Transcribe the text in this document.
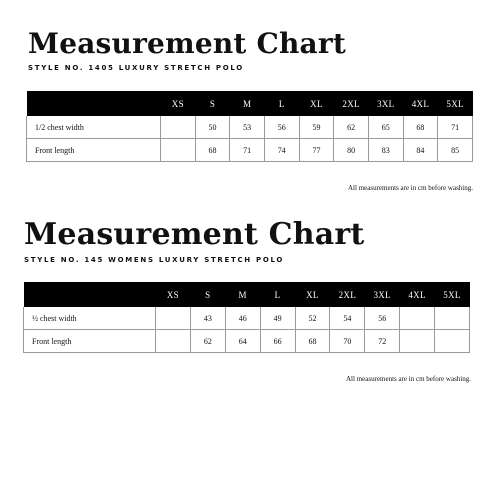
Measurement Chart
STYLE NO. 1405 LUXURY STRETCH POLO
	XS	S	M	L	XL	2XL	3XL	4XL	5XL
1/2 chest width		50	53	56	59	62	65	68	71
Front length		68	71	74	77	80	83	84	85
All measurements are in cm before washing.
Measurement Chart
STYLE NO. 145 WOMENS LUXURY STRETCH POLO
	XS	S	M	L	XL	2XL	3XL	4XL	5XL
½ chest width		43	46	49	52	54	56		
Front length		62	64	66	68	70	72		
All measurements are in cm before washing.
